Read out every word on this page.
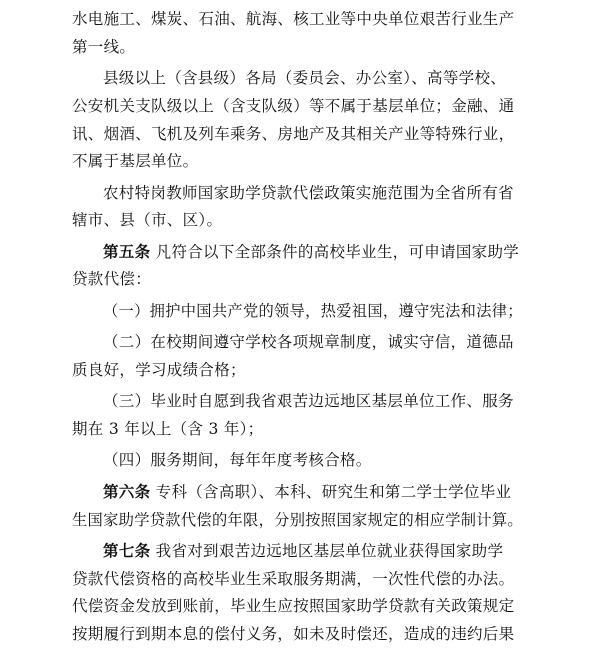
水电施工、煤炭、石油、航海、核工业等中央单位艰苦行业生产
第一线。
县级以上（含县级）各局（委员会、办公室）、高等学校、
公安机关支队级以上（含支队级）等不属于基层单位；金融、通
讯、烟酒、飞机及列车乘务、房地产及其相关产业等特殊行业，
不属于基层单位。
农村特岗教师国家助学贷款代偿政策实施范围为全省所有省
辖市、县（市、区）。
第五条 凡符合以下全部条件的高校毕业生，可申请国家助学
贷款代偿：
（一）拥护中国共产党的领导，热爱祖国，遵守宪法和法律；
（二）在校期间遵守学校各项规章制度，诚实守信，道德品
质良好，学习成绩合格；
（三）毕业时自愿到我省艰苦边远地区基层单位工作、服务
期在 3 年以上（含 3 年）；
（四）服务期间，每年年度考核合格。
第六条 专科（含高职）、本科、研究生和第二学士学位毕业
生国家助学贷款代偿的年限，分别按照国家规定的相应学制计算。
第七条 我省对到艰苦边远地区基层单位就业获得国家助学
贷款代偿资格的高校毕业生采取服务期满，一次性代偿的办法。
代偿资金发放到账前，毕业生应按照国家助学贷款有关政策规定
按期履行到期本息的偿付义务，如未及时偿还，造成的违约后果
